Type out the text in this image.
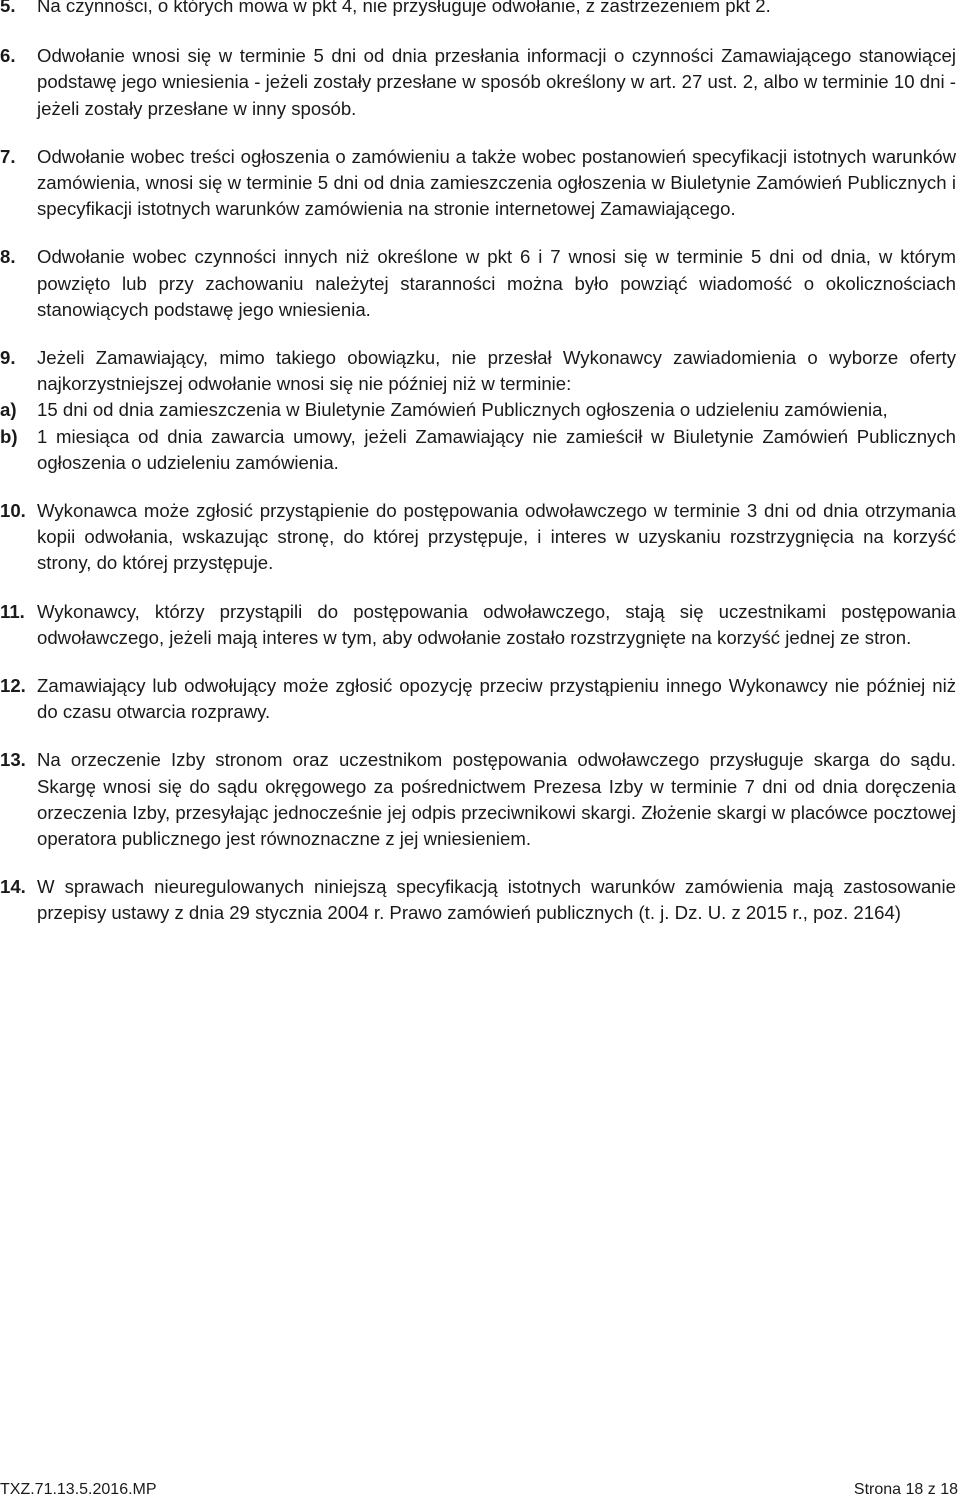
5. Na czynności, o których mowa w pkt 4, nie przysługuje odwołanie, z zastrzeżeniem pkt 2.
6. Odwołanie wnosi się w terminie 5 dni od dnia przesłania informacji o czynności Zamawiającego stanowiącej podstawę jego wniesienia - jeżeli zostały przesłane w sposób określony w art. 27 ust. 2, albo w terminie 10 dni - jeżeli zostały przesłane w inny sposób.
7. Odwołanie wobec treści ogłoszenia o zamówieniu a także wobec postanowień specyfikacji istotnych warunków zamówienia, wnosi się w terminie 5 dni od dnia zamieszczenia ogłoszenia w Biuletynie Zamówień Publicznych i specyfikacji istotnych warunków zamówienia na stronie internetowej Zamawiającego.
8. Odwołanie wobec czynności innych niż określone w pkt 6 i 7 wnosi się w terminie 5 dni od dnia, w którym powzięto lub przy zachowaniu należytej staranności można było powziąć wiadomość o okolicznościach stanowiących podstawę jego wniesienia.
9. Jeżeli Zamawiający, mimo takiego obowiązku, nie przesłał Wykonawcy zawiadomienia o wyborze oferty najkorzystniejszej odwołanie wnosi się nie później niż w terminie:
a) 15 dni od dnia zamieszczenia w Biuletynie Zamówień Publicznych ogłoszenia o udzieleniu zamówienia,
b) 1 miesiąca od dnia zawarcia umowy, jeżeli Zamawiający nie zamieścił w Biuletynie Zamówień Publicznych ogłoszenia o udzieleniu zamówienia.
10. Wykonawca może zgłosić przystąpienie do postępowania odwoławczego w terminie 3 dni od dnia otrzymania kopii odwołania, wskazując stronę, do której przystępuje, i interes w uzyskaniu rozstrzygnięcia na korzyść strony, do której przystępuje.
11. Wykonawcy, którzy przystąpili do postępowania odwoławczego, stają się uczestnikami postępowania odwoławczego, jeżeli mają interes w tym, aby odwołanie zostało rozstrzygnięte na korzyść jednej ze stron.
12. Zamawiający lub odwołujący może zgłosić opozycję przeciw przystąpieniu innego Wykonawcy nie później niż do czasu otwarcia rozprawy.
13. Na orzeczenie Izby stronom oraz uczestnikom postępowania odwoławczego przysługuje skarga do sądu. Skargę wnosi się do sądu okręgowego za pośrednictwem Prezesa Izby w terminie 7 dni od dnia doręczenia orzeczenia Izby, przesyłając jednocześnie jej odpis przeciwnikowi skargi. Złożenie skargi w placówce pocztowej operatora publicznego jest równoznaczne z jej wniesieniem.
14. W sprawach nieuregulowanych niniejszą specyfikacją istotnych warunków zamówienia mają zastosowanie przepisy ustawy z dnia 29 stycznia 2004 r. Prawo zamówień publicznych (t. j. Dz. U. z 2015 r., poz. 2164)
TXZ.71.13.5.2016.MP	Strona 18 z 18
